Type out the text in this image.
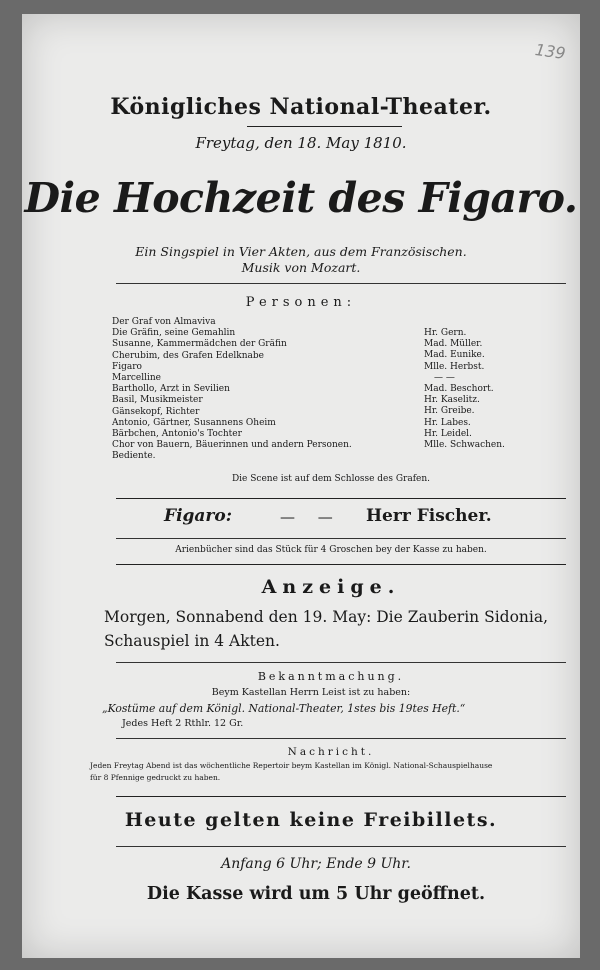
139
Königliches National-Theater.
Freytag, den 18. May 1810.
Die Hochzeit des Figaro.
Ein Singspiel in Vier Akten, aus dem Französischen.
Musik von Mozart.
Personen:
Der Graf von Almaviva
Die Gräfin, seine Gemahlin
Susanne, Kammermädchen der Gräfin
Cherubim, des Grafen Edelknabe
Figaro
Marcelline
Barthollo, Arzt in Sevilien
Basil, Musikmeister
Gänsekopf, Richter
Antonio, Gärtner, Susannens Oheim
Bärbchen, Antonio's Tochter
Chor von Bauern, Bäuerinnen und andern Personen.
Bediente.
Hr. Gern.
Mad. Müller.
Mad. Eunike.
Mlle. Herbst.
— —
Mad. Beschort.
Hr. Kaselitz.
Hr. Greibe.
Hr. Labes.
Hr. Leidel.
Mlle. Schwachen.
Die Scene ist auf dem Schlosse des Grafen.
Figaro:	— — Herr Fischer.
Arienbücher sind das Stück für 4 Groschen bey der Kasse zu haben.
Anzeige.
Morgen, Sonnabend den 19. May: Die Zauberin Sidonia,
Schauspiel in 4 Akten.
Bekanntmachung.
Beym Kastellan Herrn Leist ist zu haben:
„Kostüme auf dem Königl. National-Theater, 1stes bis 19tes Heft.“
Jedes Heft 2 Rthlr. 12 Gr.
Nachricht.
Jeden Freytag Abend ist das wöchentliche Repertoir beym Kastellan im Königl. National-Schauspielhause
für 8 Pfennige gedruckt zu haben.
Heute gelten keine Freibillets.
Anfang 6 Uhr; Ende 9 Uhr.
Die Kasse wird um 5 Uhr geöffnet.
